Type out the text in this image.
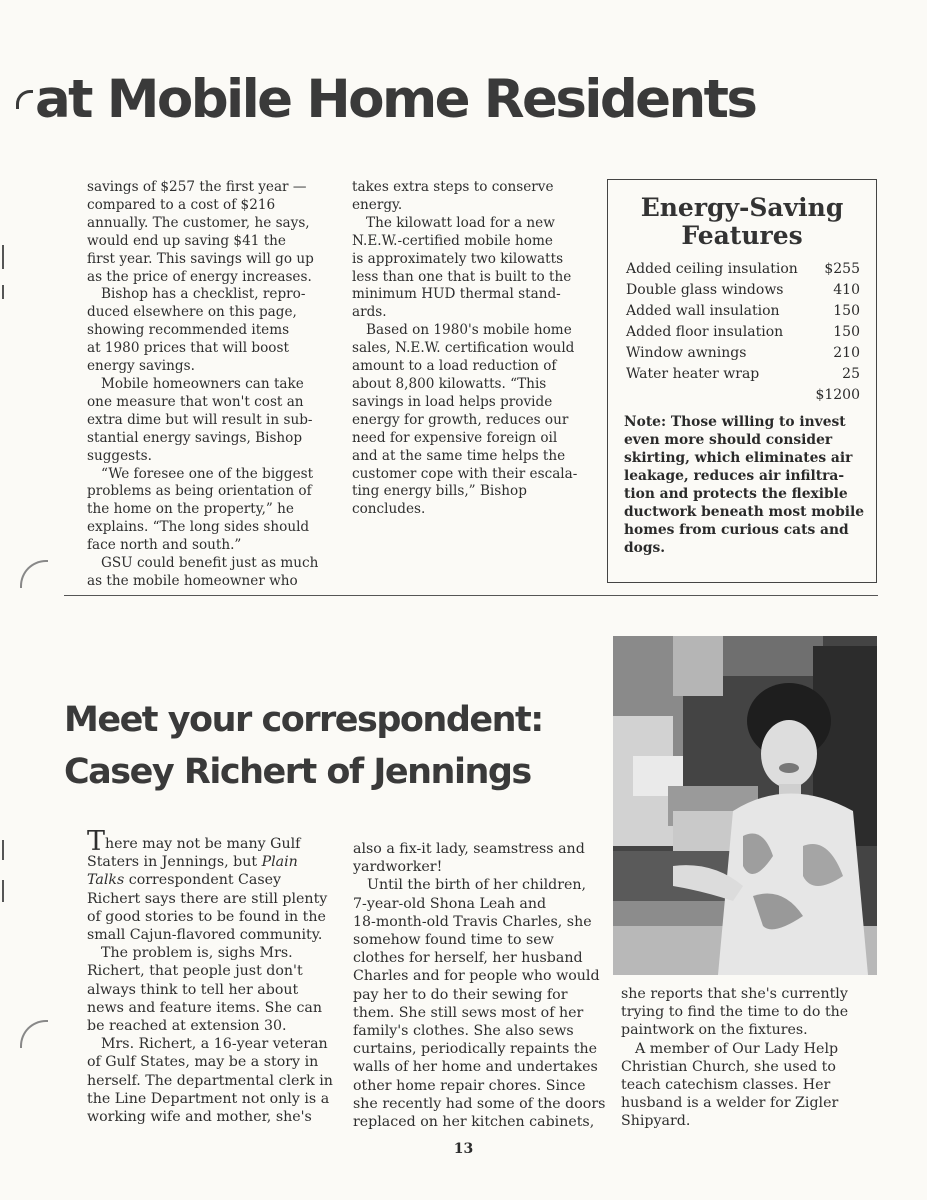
at Mobile Home Residents
savings of $257 the first year —
compared to a cost of $216
annually. The customer, he says,
would end up saving $41 the
first year. This savings will go up
as the price of energy increases.
Bishop has a checklist, repro-
duced elsewhere on this page,
showing recommended items
at 1980 prices that will boost
energy savings.
Mobile homeowners can take
one measure that won't cost an
extra dime but will result in sub-
stantial energy savings, Bishop
suggests.
“We foresee one of the biggest
problems as being orientation of
the home on the property,” he
explains. “The long sides should
face north and south.”
GSU could benefit just as much
as the mobile homeowner who
takes extra steps to conserve
energy.
The kilowatt load for a new
N.E.W.-certified mobile home
is approximately two kilowatts
less than one that is built to the
minimum HUD thermal stand-
ards.
Based on 1980's mobile home
sales, N.E.W. certification would
amount to a load reduction of
about 8,800 kilowatts. “This
savings in load helps provide
energy for growth, reduces our
need for expensive foreign oil
and at the same time helps the
customer cope with their escala-
ting energy bills,” Bishop
concludes.
Energy-Saving
Features
Added ceiling insulation $255
Double glass windows	410
Added wall insulation	150
Added floor insulation	150
Window awnings	210
Water heater wrap	25
$1200
Note: Those willing to invest
even more should consider
skirting, which eliminates air
leakage, reduces air infiltra-
tion and protects the flexible
ductwork beneath most mobile
homes from curious cats and
dogs.
Meet your correspondent:
Casey Richert of Jennings
There may not be many Gulf
Staters in Jennings, but Plain
Talks correspondent Casey
Richert says there are still plenty
of good stories to be found in the
small Cajun-flavored community.
The problem is, sighs Mrs.
Richert, that people just don't
always think to tell her about
news and feature items. She can
be reached at extension 30.
Mrs. Richert, a 16-year veteran
of Gulf States, may be a story in
herself. The departmental clerk in
the Line Department not only is a
working wife and mother, she's
also a fix-it lady, seamstress and
yardworker!
Until the birth of her children,
7-year-old Shona Leah and
18-month-old Travis Charles, she
somehow found time to sew
clothes for herself, her husband
Charles and for people who would
pay her to do their sewing for
them. She still sews most of her
family's clothes. She also sews
curtains, periodically repaints the
walls of her home and undertakes
other home repair chores. Since
she recently had some of the doors
replaced on her kitchen cabinets,
she reports that she's currently
trying to find the time to do the
paintwork on the fixtures.
A member of Our Lady Help
Christian Church, she used to
teach catechism classes. Her
husband is a welder for Zigler
Shipyard.
13
